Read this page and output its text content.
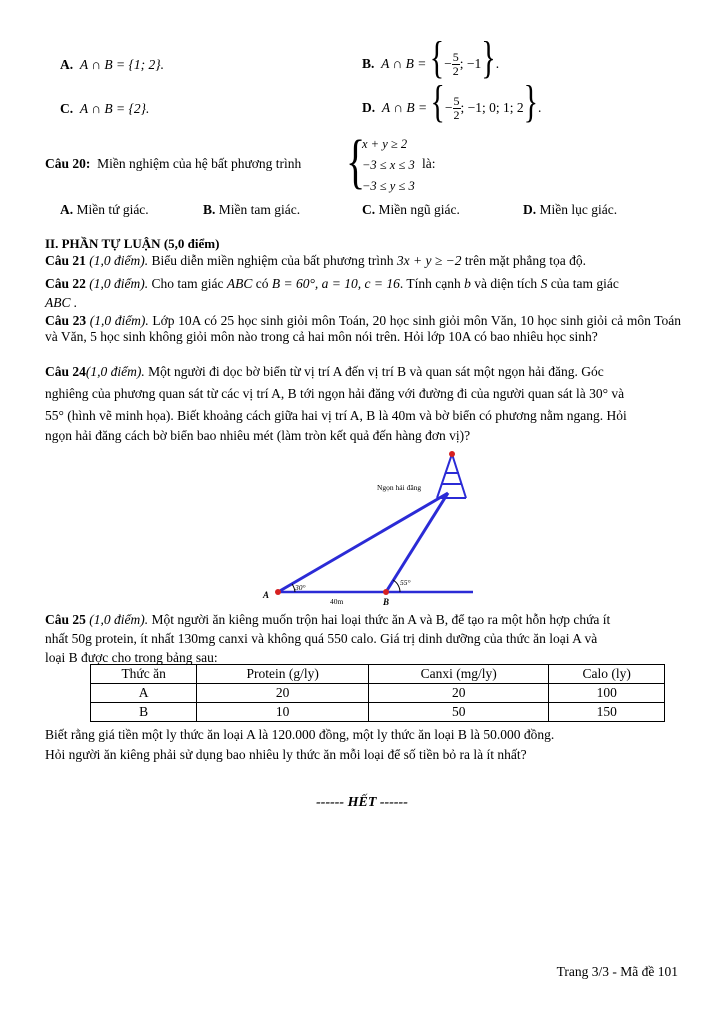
A. A ∩ B = {1; 2}.	B. A ∩ B = {− $\frac{5}{2}$ ; −1}.
C. A ∩ B = {2}.	D. A ∩ B = {− $\frac{5}{2}$ ; −1; 0; 1; 2}.
Câu 20: Miền nghiệm của hệ bất phương trình {
x + y ≥ 2
−3 ≤ x ≤ 3
−3 ≤ y ≤ 3
là:
A. Miền tứ giác.	B. Miền tam giác.	C. Miền ngũ giác.	D. Miền lục giác.
II. PHẦN TỰ LUẬN (5,0 điểm)
Câu 21 (1,0 điểm). Biểu diễn miền nghiệm của bất phương trình 3x + y ≥ −2 trên mặt phẳng tọa độ.
Câu 22 (1,0 điểm). Cho tam giác ABC có B = 60°, a = 10, c = 16. Tính cạnh b và diện tích S của tam giác
ABC .
Câu 23 (1,0 điểm). Lớp 10A có 25 học sinh giỏi môn Toán, 20 học sinh giỏi môn Văn, 10 học sinh giỏi cả môn Toán và Văn, 5 học sinh không giỏi môn nào trong cả hai môn nói trên. Hỏi lớp 10A có bao nhiêu học sinh?
Câu 24(1,0 điểm). Một người đi dọc bờ biển từ vị trí A đến vị trí B và quan sát một ngọn hải đăng. Góc
nghiêng của phương quan sát từ các vị trí A, B tới ngọn hải đăng với đường đi của người quan sát là 30° và
55° (hình vẽ minh họa). Biết khoảng cách giữa hai vị trí A, B là 40m và bờ biển có phương nằm ngang. Hỏi
ngọn hải đăng cách bờ biển bao nhiêu mét (làm tròn kết quả đến hàng đơn vị)?
Ngọn hải đăng
A
B
30°
55°
40m
Câu 25 (1,0 điểm). Một người ăn kiêng muốn trộn hai loại thức ăn A và B, để tạo ra một hỗn hợp chứa ít
nhất 50g protein, ít nhất 130mg canxi và không quá 550 calo. Giá trị dinh dưỡng của thức ăn loại A và
loại B được cho trong bảng sau:
Thức ăn	Protein (g/ly)	Canxi (mg/ly)	Calo (ly)
A	20	20	100
B	10	50	150
Biết rằng giá tiền một ly thức ăn loại A là 120.000 đồng, một ly thức ăn loại B là 50.000 đồng.
Hỏi người ăn kiêng phải sử dụng bao nhiêu ly thức ăn mỗi loại để số tiền bỏ ra là ít nhất?
------ HẾT ------
Trang 3/3 - Mã đề 101
